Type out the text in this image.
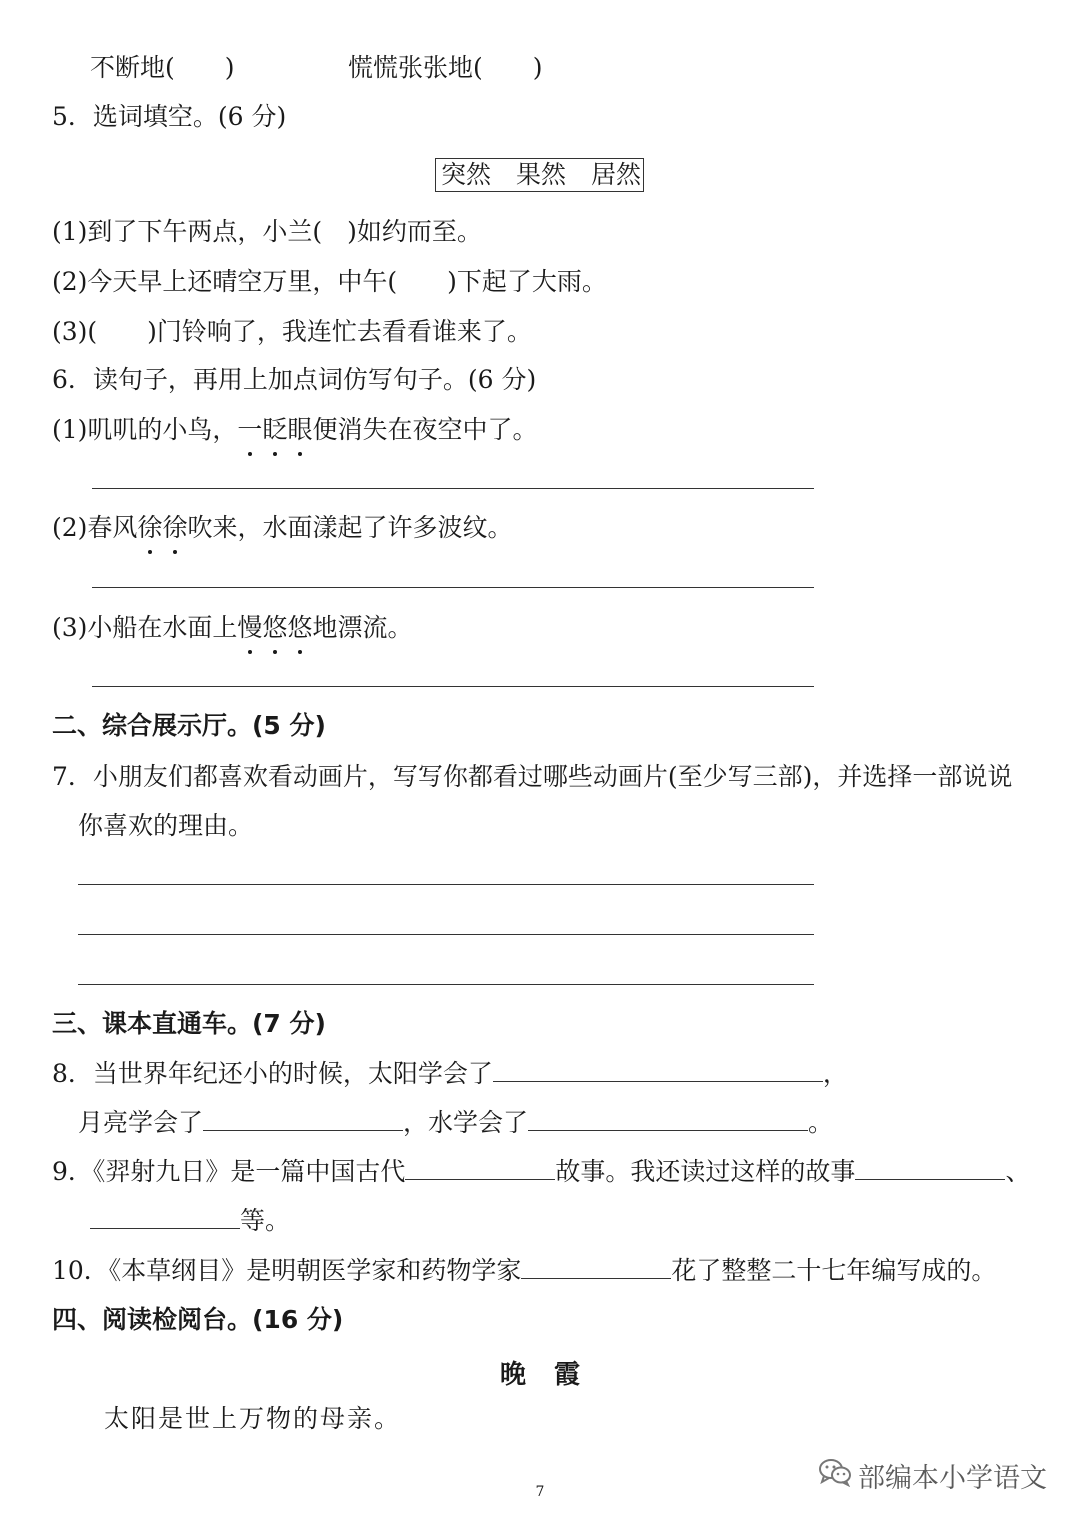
不断地(　　)	慌慌张张地(　　)
5．选词填空。(6 分)
突然　果然　居然
(1)到了下午两点，小兰(　)如约而至。
(2)今天早上还晴空万里，中午(　　)下起了大雨。
(3)(　　)门铃响了，我连忙去看看谁来了。
6．读句子，再用上加点词仿写句子。(6 分)
(1)叽叽的小鸟，一眨眼便消失在夜空中了。
(2)春风徐徐吹来，水面漾起了许多波纹。
(3)小船在水面上慢悠悠地漂流。
二、综合展示厅。(5 分)
7．小朋友们都喜欢看动画片，写写你都看过哪些动画片(至少写三部)，并选择一部说说
你喜欢的理由。
三、课本直通车。(7 分)
8．当世界年纪还小的时候，太阳学会了	，
月亮学会了	，水学会了	。
9．《羿射九日》是一篇中国古代	故事。我还读过这样的故事	、
等。
10．《本草纲目》是明朝医学家和药物学家	花了整整二十七年编写成的。
四、阅读检阅台。(16 分)
晚霞
太阳是世上万物的母亲。
7	部编本小学语文
